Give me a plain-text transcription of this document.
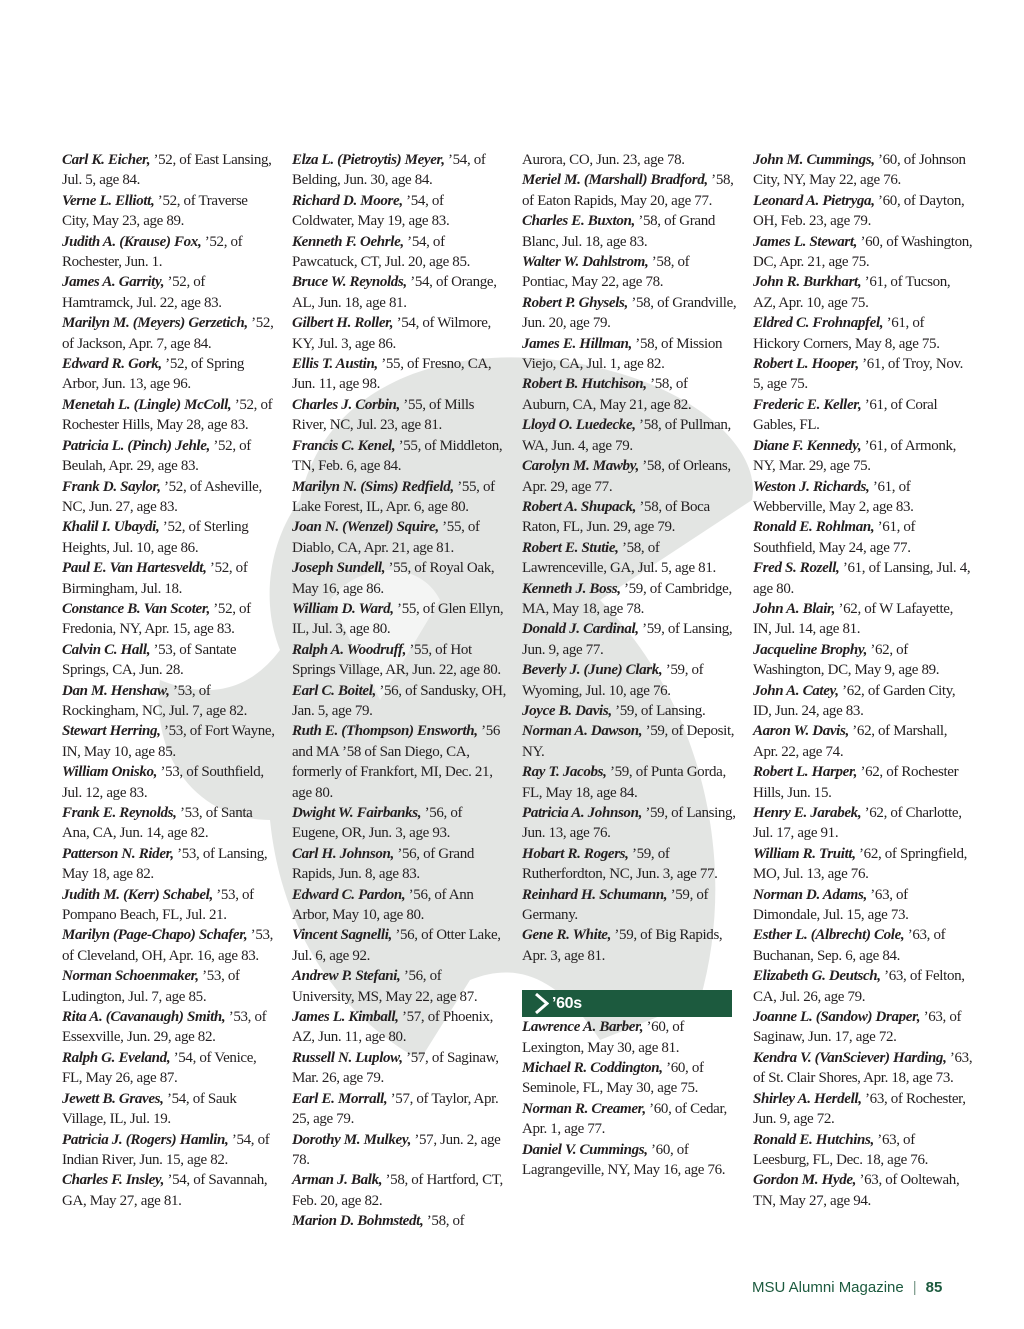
Carl K. Eicher, ’52, of East Lansing, Jul. 5, age 84.

Verne L. Elliott, ’52, of Traverse City, May 23, age 89.

Judith A. (Krause) Fox, ’52, of Rochester, Jun. 1.

James A. Garrity, ’52, of Hamtramck, Jul. 22, age 83.

Marilyn M. (Meyers) Gerzetich, ’52, of Jackson, Apr. 7, age 84.

Edward R. Gork, ’52, of Spring Arbor, Jun. 13, age 96.

Menetah L. (Lingle) McColl, ’52, of Rochester Hills, May 28, age 83.

Patricia L. (Pinch) Jehle, ’52, of Beulah, Apr. 29, age 83.

Frank D. Saylor, ’52, of Asheville, NC, Jun. 27, age 83.

Khalil I. Ubaydi, ’52, of Sterling Heights, Jul. 10, age 86.

Paul E. Van Hartesveldt, ’52, of Birmingham, Jul. 18.

Constance B. Van Scoter, ’52, of Fredonia, NY, Apr. 15, age 83.

Calvin C. Hall, ’53, of Santate Springs, CA, Jun. 28.

Dan M. Henshaw, ’53, of Rockingham, NC, Jul. 7, age 82.

Stewart Herring, ’53, of Fort Wayne, IN, May 10, age 85.

William Onisko, ’53, of Southfield, Jul. 12, age 83.

Frank E. Reynolds, ’53, of Santa Ana, CA, Jun. 14, age 82.

Patterson N. Rider, ’53, of Lansing, May 18, age 82.

Judith M. (Kerr) Schabel, ’53, of Pompano Beach, FL, Jul. 21.

Marilyn (Page-Chapo) Schafer, ’53, of Cleveland, OH, Apr. 16, age 83.

Norman Schoenmaker, ’53, of Ludington, Jul. 7, age 85.

Rita A. (Cavanaugh) Smith, ’53, of Essexville, Jun. 29, age 82.

Ralph G. Eveland, ’54, of Venice, FL, May 26, age 87.

Jewett B. Graves, ’54, of Sauk Village, IL, Jul. 19.

Patricia J. (Rogers) Hamlin, ’54, of Indian River, Jun. 15, age 82.

Charles F. Insley, ’54, of Savannah, GA, May 27, age 81.

Elza L. (Pietroytis) Meyer, ’54, of Belding, Jun. 30, age 84.

Richard D. Moore, ’54, of Coldwater, May 19, age 83.

Kenneth F. Oehrle, ’54, of Pawcatuck, CT, Jul. 20, age 85.

Bruce W. Reynolds, ’54, of Orange, AL, Jun. 18, age 81.

Gilbert H. Roller, ’54, of Wilmore, KY, Jul. 3, age 86.

Ellis T. Austin, ’55, of Fresno, CA, Jun. 11, age 98.

Charles J. Corbin, ’55, of Mills River, NC, Jul. 23, age 81.

Francis C. Kenel, ’55, of Middleton, TN, Feb. 6, age 84.

Marilyn N. (Sims) Redfield, ’55, of Lake Forest, IL, Apr. 6, age 80.

Joan N. (Wenzel) Squire, ’55, of Diablo, CA, Apr. 21, age 81.

Joseph Sundell, ’55, of Royal Oak, May 16, age 86.

William D. Ward, ’55, of Glen Ellyn, IL, Jul. 3, age 80.

Ralph A. Woodruff, ’55, of Hot Springs Village, AR, Jun. 22, age 80.

Earl C. Boitel, ’56, of Sandusky, OH, Jan. 5, age 79.

Ruth E. (Thompson) Ensworth, ’56 and MA ’58 of San Diego, CA, formerly of Frankfort, MI, Dec. 21, age 80.

Dwight W. Fairbanks, ’56, of Eugene, OR, Jun. 3, age 93.

Carl H. Johnson, ’56, of Grand Rapids, Jun. 8, age 83.

Edward C. Pardon, ’56, of Ann Arbor, May 10, age 80.

Vincent Sagnelli, ’56, of Otter Lake, Jul. 6, age 92.

Andrew P. Stefani, ’56, of University, MS, May 22, age 87.

James L. Kimball, ’57, of Phoenix, AZ, Jun. 11, age 80.

Russell N. Luplow, ’57, of Saginaw, Mar. 26, age 79.

Earl E. Morrall, ’57, of Taylor, Apr. 25, age 79.

Dorothy M. Mulkey, ’57, Jun. 2, age 78.

Arman J. Balk, ’58, of Hartford, CT, Feb. 20, age 82.

Marion D. Bohmstedt, ’58, of

Aurora, CO, Jun. 23, age 78.

Meriel M. (Marshall) Bradford, ’58, of Eaton Rapids, May 20, age 77.

Charles E. Buxton, ’58, of Grand Blanc, Jul. 18, age 83.

Walter W. Dahlstrom, ’58, of Pontiac, May 22, age 78.

Robert P. Ghysels, ’58, of Grandville, Jun. 20, age 79.

James E. Hillman, ’58, of Mission Viejo, CA, Jul. 1, age 82.

Robert B. Hutchison, ’58, of Auburn, CA, May 21, age 82.

Lloyd O. Luedecke, ’58, of Pullman, WA, Jun. 4, age 79.

Carolyn M. Mawby, ’58, of Orleans, Apr. 29, age 77.

Robert A. Shupack, ’58, of Boca Raton, FL, Jun. 29, age 79.

Robert E. Stutie, ’58, of Lawrenceville, GA, Jul. 5, age 81.

Kenneth J. Boss, ’59, of Cambridge, MA, May 18, age 78.

Donald J. Cardinal, ’59, of Lansing, Jun. 9, age 77.

Beverly J. (June) Clark, ’59, of Wyoming, Jul. 10, age 76.

Joyce B. Davis, ’59, of Lansing.

Norman A. Dawson, ’59, of Deposit, NY.

Ray T. Jacobs, ’59, of Punta Gorda, FL, May 18, age 84.

Patricia A. Johnson, ’59, of Lansing, Jun. 13, age 76.

Hobart R. Rogers, ’59, of Rutherfordton, NC, Jun. 3, age 77.

Reinhard H. Schumann, ’59, of Germany.

Gene R. White, ’59, of Big Rapids, Apr. 3, age 81.

’60s

Lawrence A. Barber, ’60, of Lexington, May 30, age 81.

Michael R. Coddington, ’60, of Seminole, FL, May 30, age 75.

Norman R. Creamer, ’60, of Cedar, Apr. 1, age 77.

Daniel V. Cummings, ’60, of Lagrangeville, NY, May 16, age 76.

John M. Cummings, ’60, of Johnson City, NY, May 22, age 76.

Leonard A. Pietryga, ’60, of Dayton, OH, Feb. 23, age 79.

James L. Stewart, ’60, of Washington, DC, Apr. 21, age 75.

John R. Burkhart, ’61, of Tucson, AZ, Apr. 10, age 75.

Eldred C. Frohnapfel, ’61, of Hickory Corners, May 8, age 75.

Robert L. Hooper, ’61, of Troy, Nov. 5, age 75.

Frederic E. Keller, ’61, of Coral Gables, FL.

Diane F. Kennedy, ’61, of Armonk, NY, Mar. 29, age 75.

Weston J. Richards, ’61, of Webberville, May 2, age 83.

Ronald E. Rohlman, ’61, of Southfield, May 24, age 77.

Fred S. Rozell, ’61, of Lansing, Jul. 4, age 80.

John A. Blair, ’62, of W Lafayette, IN, Jul. 14, age 81.

Jacqueline Brophy, ’62, of Washington, DC, May 9, age 89.

John A. Catey, ’62, of Garden City, ID, Jun. 24, age 83.

Aaron W. Davis, ’62, of Marshall, Apr. 22, age 74.

Robert L. Harper, ’62, of Rochester Hills, Jun. 15.

Henry E. Jarabek, ’62, of Charlotte, Jul. 17, age 91.

William R. Truitt, ’62, of Springfield, MO, Jul. 13, age 76.

Norman D. Adams, ’63, of Dimondale, Jul. 15, age 73.

Esther L. (Albrecht) Cole, ’63, of Buchanan, Sep. 6, age 84.

Elizabeth G. Deutsch, ’63, of Felton, CA, Jul. 26, age 79.

Joanne L. (Sandow) Draper, ’63, of Saginaw, Jun. 17, age 72.

Kendra V. (VanSciever) Harding, ’63, of St. Clair Shores, Apr. 18, age 73.

Shirley A. Herdell, ’63, of Rochester, Jun. 9, age 72.

Ronald E. Hutchins, ’63, of Leesburg, FL, Dec. 18, age 76.

Gordon M. Hyde, ’63, of Ooltewah, TN, May 27, age 94.

MSU Alumni Magazine | 85
